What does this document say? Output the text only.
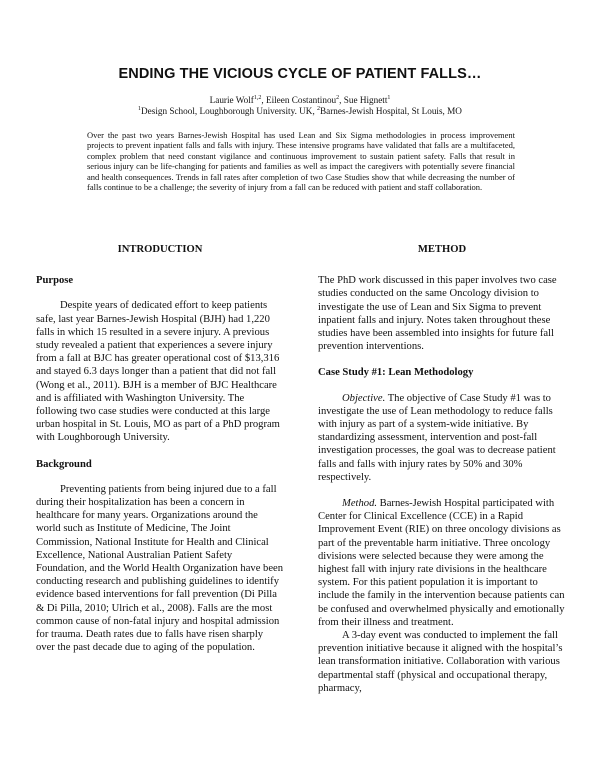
ENDING THE VICIOUS CYCLE OF PATIENT FALLS…
Laurie Wolf$^{1,2}$, Eileen Costantinou$^2$, Sue Hignett$^1$
$^1$Design School, Loughborough University. UK, $^2$Barnes-Jewish Hospital, St Louis, MO
Over the past two years Barnes-Jewish Hospital has used Lean and Six Sigma methodologies in process improvement projects to prevent inpatient falls and falls with injury. These intensive programs have validated that falls are a multifaceted, complex problem that need constant vigilance and continuous improvement to sustain patient safety. Falls that result in serious injury can be life-changing for patients and families as well as impact the caregivers with potentially severe financial and health consequences. Trends in fall rates after completion of two Case Studies show that while decreasing the number of falls continue to be a challenge; the severity of injury from a fall can be reduced with patient and staff collaboration.
INTRODUCTION
Purpose

Despite years of dedicated effort to keep patients safe, last year Barnes-Jewish Hospital (BJH) had 1,220 falls in which 15 resulted in a severe injury. A previous study revealed a patient that experiences a severe injury from a fall at BJC has greater operational cost of $13,316 and stayed 6.3 days longer than a patient that did not fall (Wong et al., 2011). BJH is a member of BJC Healthcare and is affiliated with Washington University. The following two case studies were conducted at this large urban hospital in St. Louis, MO as part of a PhD program with Loughborough University.

Background

Preventing patients from being injured due to a fall during their hospitalization has been a concern in healthcare for many years. Organizations around the world such as Institute of Medicine, The Joint Commission, National Institute for Health and Clinical Excellence, National Australian Patient Safety Foundation, and the World Health Organization have been conducting research and publishing guidelines to identify evidence based interventions for fall prevention (Di Pilla & Di Pilla, 2010; Ulrich et al., 2008). Falls are the most common cause of non-fatal injury and hospital admission for trauma. Death rates due to falls have risen sharply over the past decade due to aging of the population.

METHOD

The PhD work discussed in this paper involves two case studies conducted on the same Oncology division to investigate the use of Lean and Six Sigma to prevent inpatient falls and injury. Notes taken throughout these studies have been assembled into insights for future fall prevention interventions.

Case Study #1: Lean Methodology

Objective. The objective of Case Study #1 was to investigate the use of Lean methodology to reduce falls with injury as part of a system-wide initiative. By standardizing assessment, intervention and post-fall investigation processes, the goal was to decrease patient falls and falls with injury rates by 50% and 30% respectively.

Method. Barnes-Jewish Hospital participated with Center for Clinical Excellence (CCE) in a Rapid Improvement Event (RIE) on three oncology divisions as part of the preventable harm initiative. Three oncology divisions were selected because they were among the highest fall with injury rate divisions in the healthcare system. For this patient population it is important to include the family in the intervention because patients can be confused and overwhelmed physically and emotionally from their illness and treatment.

A 3-day event was conducted to implement the fall prevention initiative because it aligned with the hospital’s lean transformation initiative. Collaboration with various departmental staff (physical and occupational therapy, pharmacy,
